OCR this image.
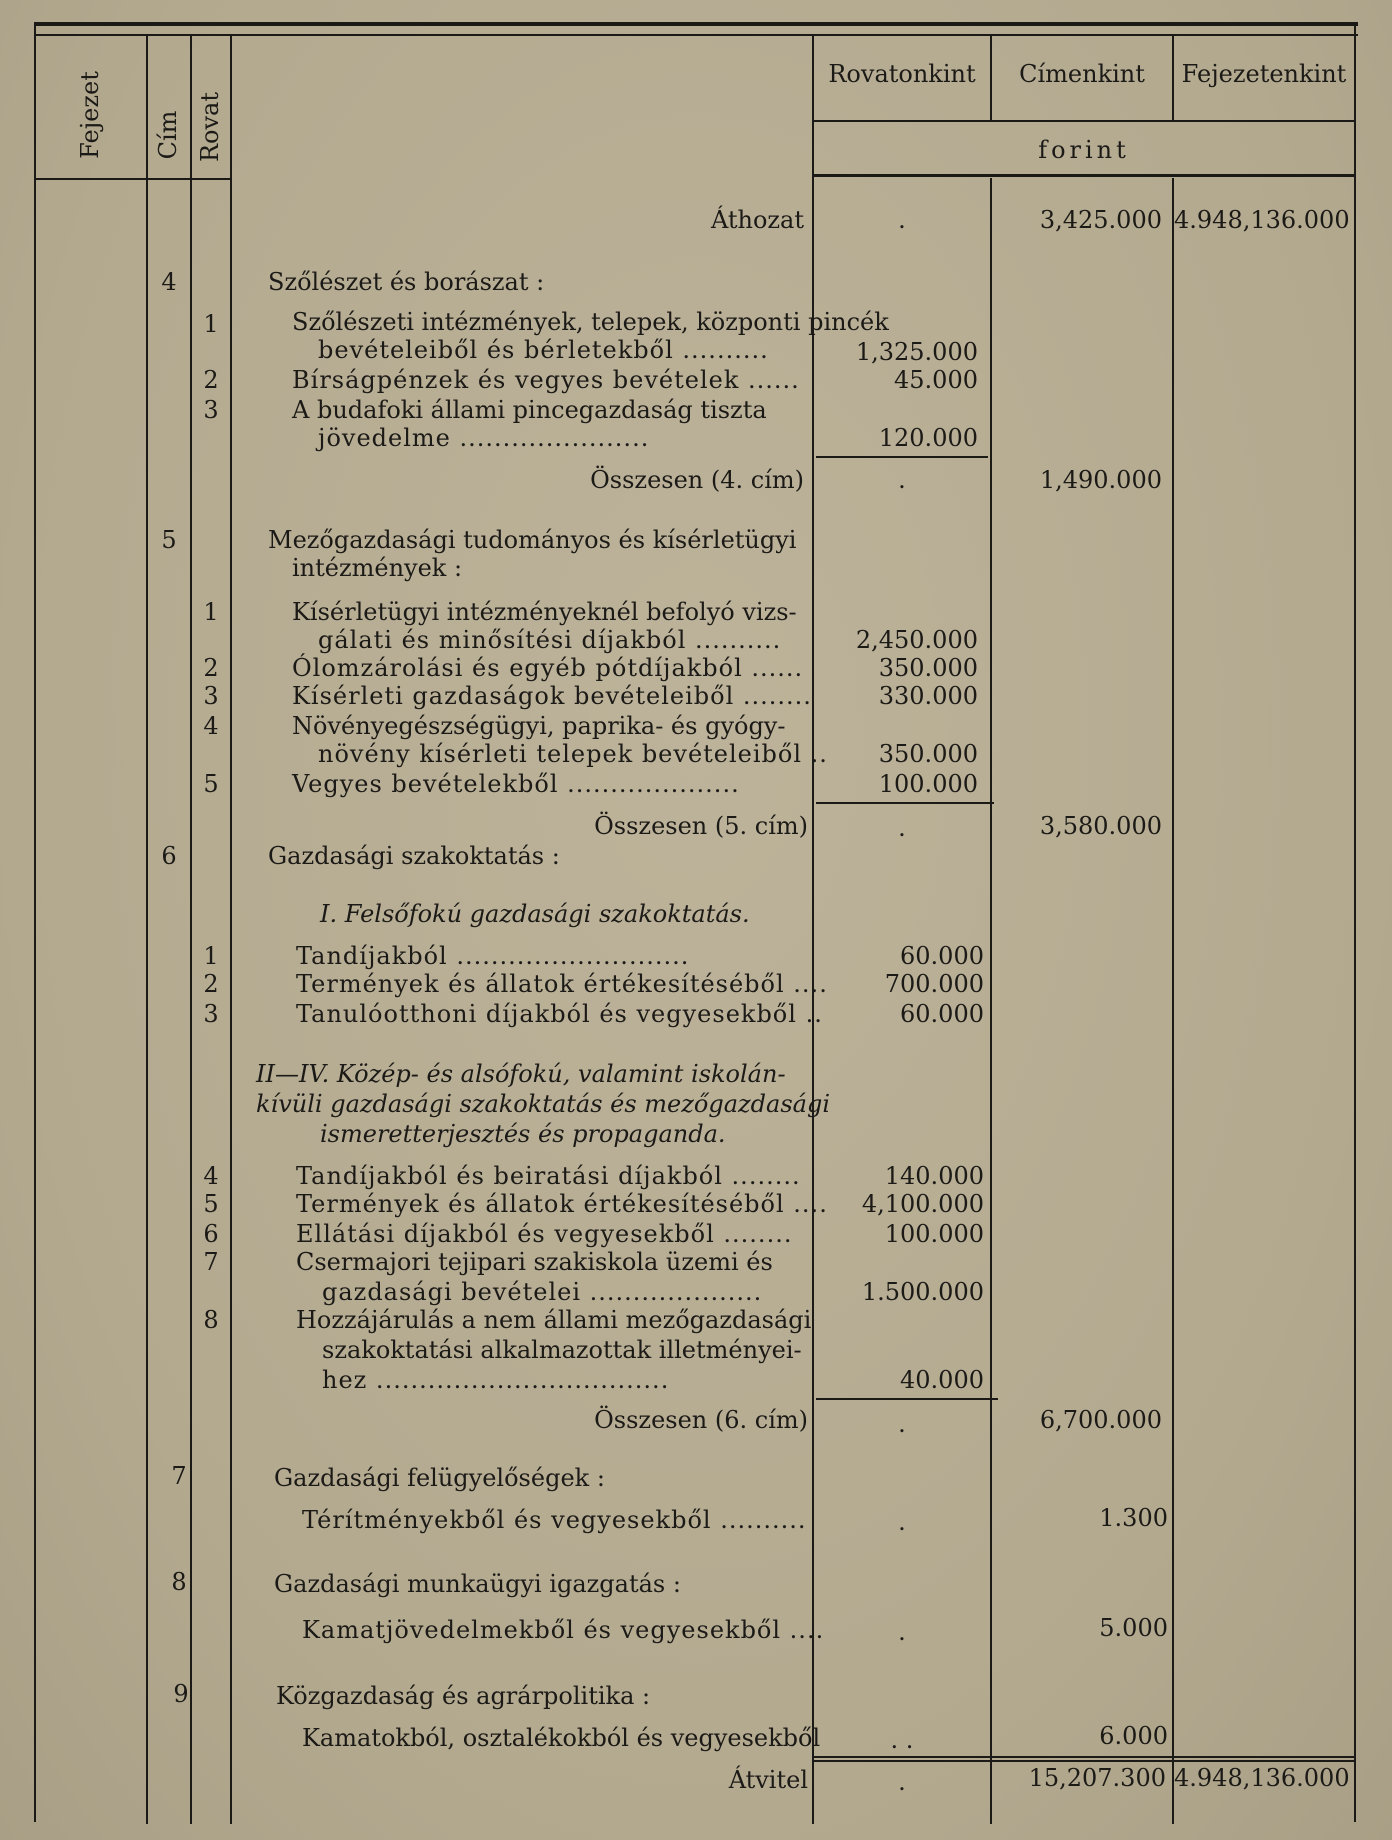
Fejezet Cím Rovat
Rovatonkint	Címenkint	Fejezetenkint
forint
Áthozat	.	3,425.000 4.948,136.000
4	Szőlészet és borászat :
1	Szőlészeti intézmények, telepek, központi pincék
bevételeiből és bérletekből ..........	1,325.000
2	Bírságpénzek és vegyes bevételek ......	45.000
3	A budafoki állami pincegazdaság tiszta
jövedelme ......................	120.000
Összesen (4. cím)	.	1,490.000
5	Mezőgazdasági tudományos és kísérletügyi
intézmények :
1	Kísérletügyi intézményeknél befolyó vizs-
gálati és minősítési díjakból ..........	2,450.000
2	Ólomzárolási és egyéb pótdíjakból ......	350.000
3	Kísérleti gazdaságok bevételeiből ........	330.000
4	Növényegészségügyi, paprika- és gyógy-
növény kísérleti telepek bevételeiből ..	350.000
5	Vegyes bevételekből ....................	100.000
Összesen (5. cím)	.	3,580.000
6	Gazdasági szakoktatás :
I. Felsőfokú gazdasági szakoktatás.
1	Tandíjakból ...........................	60.000
2	Termények és állatok értékesítéséből ....	700.000
3	Tanulóotthoni díjakból és vegyesekből ..	60.000
II—IV. Közép- és alsófokú, valamint iskolán-
kívüli gazdasági szakoktatás és mezőgazdasági
ismeretterjesztés és propaganda.
4	Tandíjakból és beiratási díjakból ........	140.000
5	Termények és állatok értékesítéséből ....	4,100.000
6	Ellátási díjakból és vegyesekből ........	100.000
7	Csermajori tejipari szakiskola üzemi és
gazdasági bevételei ....................	1.500.000
8	Hozzájárulás a nem állami mezőgazdasági
szakoktatási alkalmazottak illetményei-
hez ..................................	40.000
Összesen (6. cím)	.	6,700.000
7	Gazdasági felügyelőségek :
Térítményekből és vegyesekből ..........	.	1.300
8	Gazdasági munkaügyi igazgatás :
Kamatjövedelmekből és vegyesekből ....	.	5.000
9	Közgazdaság és agrárpolitika :
Kamatokból, osztalékokból és vegyesekből	. .	6.000
Átvitel	.	15,207.300 4.948,136.000
